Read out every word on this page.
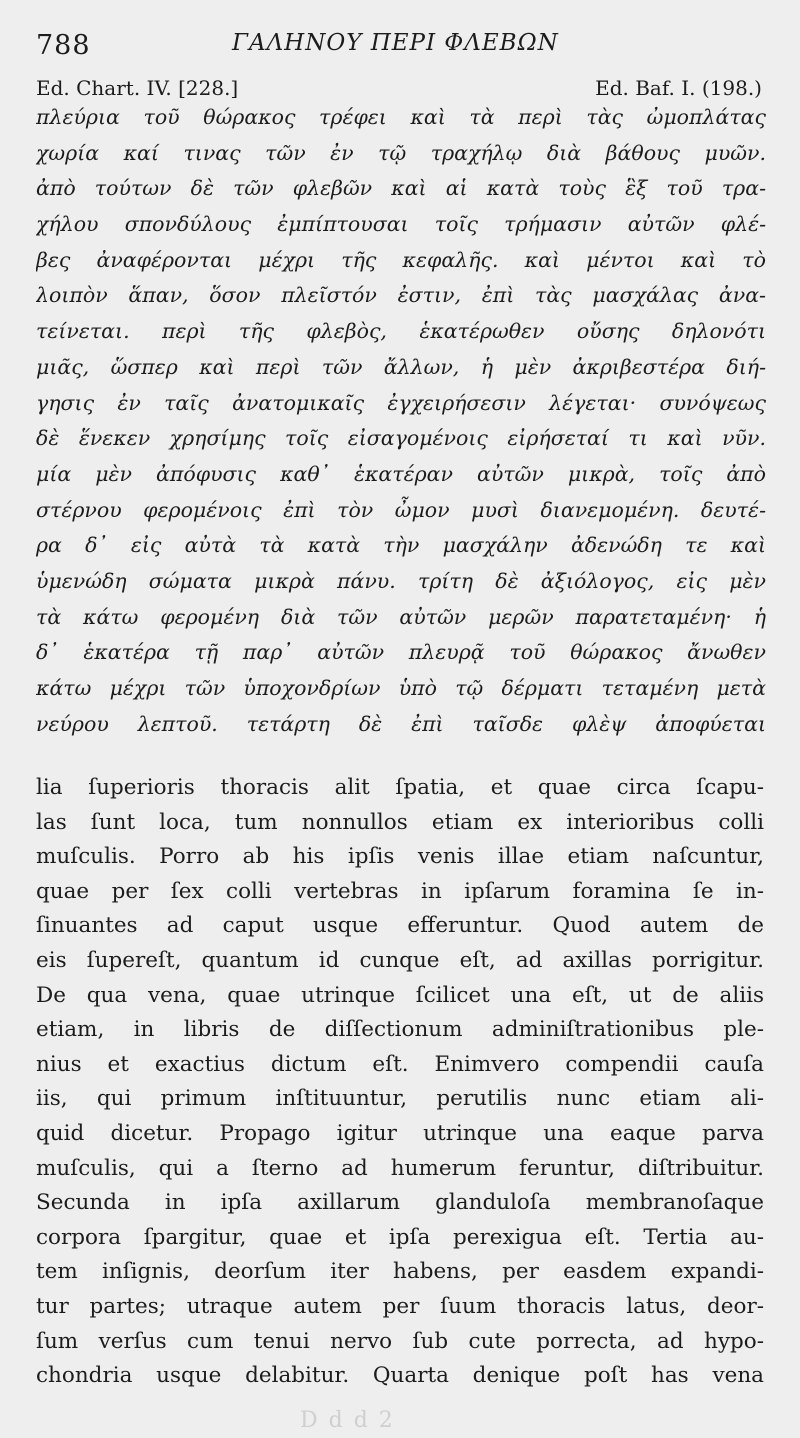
788	ΓΑΛΗΝΟΥ ΠΕΡΙ ΦΛΕΒΩΝ
Ed. Chart. IV. [228.]	Ed. Baf. I. (198.)
πλεύρια τοῦ θώρακος τρέφει καὶ τὰ περὶ τὰς ὠμοπλάτας
χωρία καί τινας τῶν ἐν τῷ τραχήλῳ διὰ βάθους μυῶν.
ἀπὸ τούτων δὲ τῶν φλεβῶν καὶ αἱ κατὰ τοὺς ἓξ τοῦ τρα-
χήλου σπονδύλους ἐμπίπτουσαι τοῖς τρήμασιν αὐτῶν φλέ-
βες ἀναφέρονται μέχρι τῆς κεφαλῆς. καὶ μέντοι καὶ τὸ
λοιπὸν ἅπαν, ὅσον πλεῖστόν ἐστιν, ἐπὶ τὰς μασχάλας ἀνα-
τείνεται. περὶ τῆς φλεβὸς, ἑκατέρωθεν οὔσης δηλονότι
μιᾶς, ὥσπερ καὶ περὶ τῶν ἄλλων, ἡ μὲν ἀκριβεστέρα διή-
γησις ἐν ταῖς ἀνατομικαῖς ἐγχειρήσεσιν λέγεται· συνόψεως
δὲ ἕνεκεν χρησίμης τοῖς εἰσαγομένοις εἰρήσεταί τι καὶ νῦν.
μία μὲν ἀπόφυσις καθ᾽ ἑκατέραν αὐτῶν μικρὰ, τοῖς ἀπὸ
στέρνου φερομένοις ἐπὶ τὸν ὦμον μυσὶ διανεμομένη. δευτέ-
ρα δ᾽ εἰς αὐτὰ τὰ κατὰ τὴν μασχάλην ἀδενώδη τε καὶ
ὑμενώδη σώματα μικρὰ πάνυ. τρίτη δὲ ἀξιόλογος, εἰς μὲν
τὰ κάτω φερομένη διὰ τῶν αὐτῶν μερῶν παρατεταμένη· ἡ
δ᾽ ἑκατέρα τῇ παρ᾽ αὐτῶν πλευρᾷ τοῦ θώρακος ἄνωθεν
κάτω μέχρι τῶν ὑποχονδρίων ὑπὸ τῷ δέρματι τεταμένη μετὰ
νεύρου λεπτοῦ. τετάρτη δὲ ἐπὶ ταῖσδε φλὲψ ἀποφύεται
lia ſuperioris thoracis alit ſpatia, et quae circa ſcapu-
las ſunt loca, tum nonnullos etiam ex interioribus colli
muſculis. Porro ab his ipſis venis illae etiam naſcuntur,
quae per ſex colli vertebras in ipſarum foramina ſe in-
ſinuantes ad caput usque efferuntur. Quod autem de
eis ſupereſt, quantum id cunque eſt, ad axillas porrigitur.
De qua vena, quae utrinque ſcilicet una eſt, ut de aliis
etiam, in libris de diſſectionum adminiſtrationibus ple-
nius et exactius dictum eſt. Enimvero compendii cauſa
iis, qui primum inſtituuntur, perutilis nunc etiam ali-
quid dicetur. Propago igitur utrinque una eaque parva
muſculis, qui a ſterno ad humerum feruntur, diſtribuitur.
Secunda in ipſa axillarum glanduloſa membranoſaque
corpora ſpargitur, quae et ipſa perexigua eſt. Tertia au-
tem inſignis, deorſum iter habens, per easdem expandi-
tur partes; utraque autem per ſuum thoracis latus, deor-
ſum verſus cum tenui nervo ſub cute porrecta, ad hypo-
chondria usque delabitur. Quarta denique poſt has vena
D d d 2
